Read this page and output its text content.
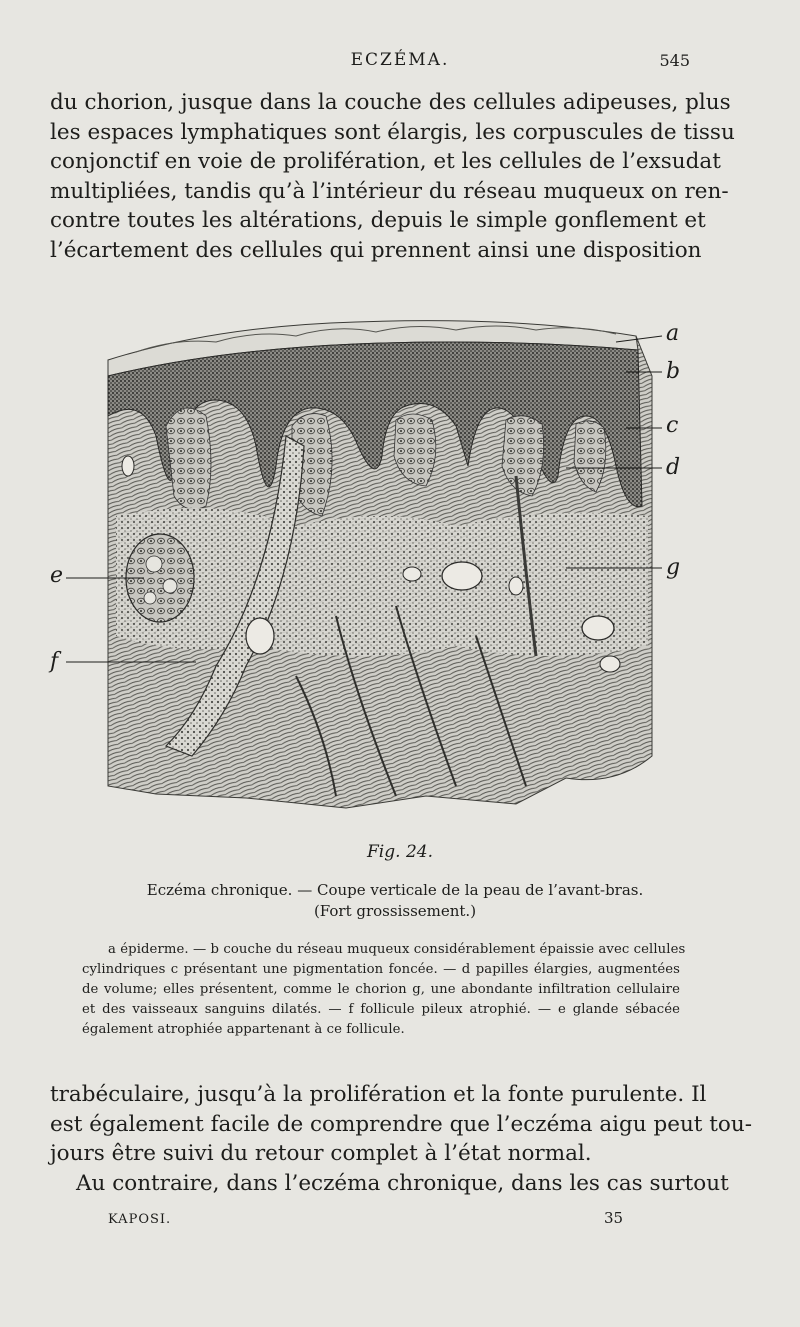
ECZÉMA.	545
du chorion, jusque dans la couche des cellules adipeuses, plus
les espaces lymphatiques sont élargis, les corpuscules de tissu
conjonctif en voie de prolifération, et les cellules de l’exsudat
multipliées, tandis qu’à l’intérieur du réseau muqueux on ren-
contre toutes les altérations, depuis le simple gonflement et
l’écartement des cellules qui prennent ainsi une disposition
a
b
c
d
g
e
f
Fig. 24.
Eczéma chronique. — Coupe verticale de la peau de l’avant-bras.
(Fort grossissement.)
a épiderme. — b couche du réseau muqueux considérablement épaissie avec cellules
cylindriques c présentant une pigmentation foncée. — d papilles élargies, augmentées
de volume; elles présentent, comme le chorion g, une abondante infiltration cellulaire
et des vaisseaux sanguins dilatés. — f follicule pileux atrophié. — e glande sébacée
également atrophiée appartenant à ce follicule.
trabéculaire, jusqu’à la prolifération et la fonte purulente. Il
est également facile de comprendre que l’eczéma aigu peut tou-
jours être suivi du retour complet à l’état normal.
Au contraire, dans l’eczéma chronique, dans les cas surtout
KAPOSI.	35
